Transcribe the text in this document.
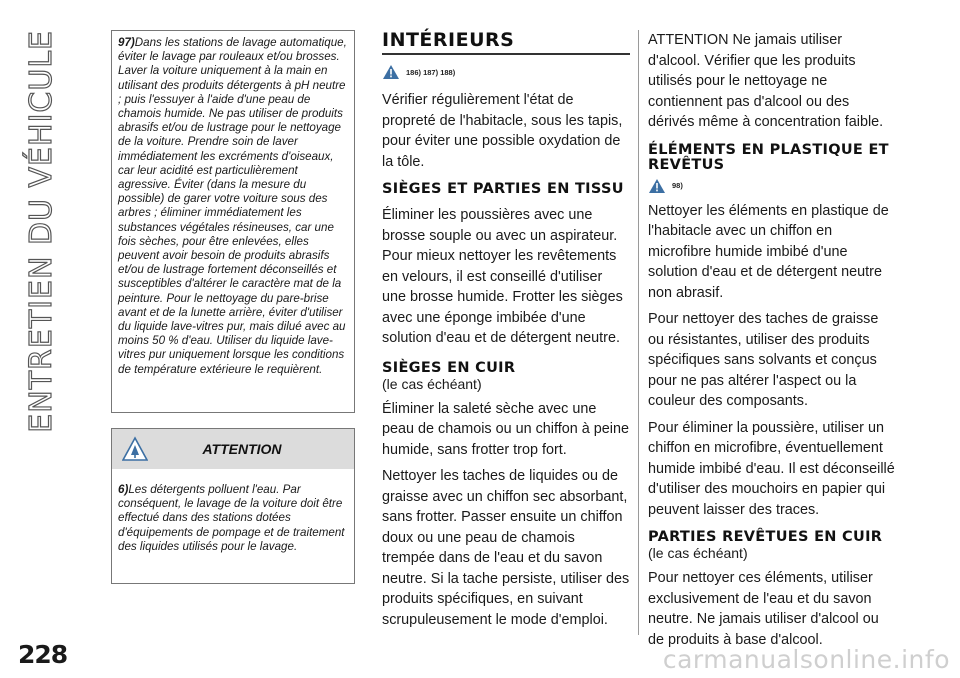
ENTRETIEN DU VÉHICULE	97)Dans les stations de lavage automatique, éviter le lavage par rouleaux et/ou brosses. Laver la voiture uniquement à la main en utilisant des produits détergents à pH neutre ; puis l'essuyer à l'aide d'une peau de chamois humide. Ne pas utiliser de produits abrasifs et/ou de lustrage pour le nettoyage de la voiture. Prendre soin de laver immédiatement les excréments d'oiseaux, car leur acidité est particulièrement agressive. Éviter (dans la mesure du possible) de garer votre voiture sous des arbres ; éliminer immédiatement les substances végétales résineuses, car une fois sèches, pour être enlevées, elles peuvent avoir besoin de produits abrasifs et/ou de lustrage fortement déconseillés et susceptibles d'altérer le caractère mat de la peinture. Pour le nettoyage du pare-brise avant et de la lunette arrière, éviter d'utiliser du liquide lave-vitres pur, mais dilué avec au moins 50 % d'eau. Utiliser du liquide lave-vitres pur uniquement lorsque les conditions de température extérieure le requièrent.

ATTENTION

6)Les détergents polluent l'eau. Par conséquent, le lavage de la voiture doit être effectué dans des stations dotées d'équipements de pompage et de traitement des liquides utilisés pour le lavage.

INTÉRIEURS
186) 187) 188)

Vérifier régulièrement l'état de propreté de l'habitacle, sous les tapis, pour éviter une possible oxydation de la tôle.

SIÈGES ET PARTIES EN TISSU

Éliminer les poussières avec une brosse souple ou avec un aspirateur. Pour mieux nettoyer les revêtements en velours, il est conseillé d'utiliser une brosse humide. Frotter les sièges avec une éponge imbibée d'une solution d'eau et de détergent neutre.

SIÈGES EN CUIR

(le cas échéant)

Éliminer la saleté sèche avec une peau de chamois ou un chiffon à peine humide, sans frotter trop fort.

Nettoyer les taches de liquides ou de graisse avec un chiffon sec absorbant, sans frotter. Passer ensuite un chiffon doux ou une peau de chamois trempée dans de l'eau et du savon neutre. Si la tache persiste, utiliser des produits spécifiques, en suivant scrupuleusement le mode d'emploi.

ATTENTION Ne jamais utiliser d'alcool. Vérifier que les produits utilisés pour le nettoyage ne contiennent pas d'alcool ou des dérivés même à concentration faible.

ÉLÉMENTS EN PLASTIQUE ET REVÊTUS
98)

Nettoyer les éléments en plastique de l'habitacle avec un chiffon en microfibre humide imbibé d'une solution d'eau et de détergent neutre non abrasif.

Pour nettoyer des taches de graisse ou résistantes, utiliser des produits spécifiques sans solvants et conçus pour ne pas altérer l'aspect ou la couleur des composants.

Pour éliminer la poussière, utiliser un chiffon en microfibre, éventuellement humide imbibé d'eau. Il est déconseillé d'utiliser des mouchoirs en papier qui peuvent laisser des traces.

PARTIES REVÊTUES EN CUIR

(le cas échéant)

Pour nettoyer ces éléments, utiliser exclusivement de l'eau et du savon neutre. Ne jamais utiliser d'alcool ou de produits à base d'alcool.

228	carmanualsonline.info
